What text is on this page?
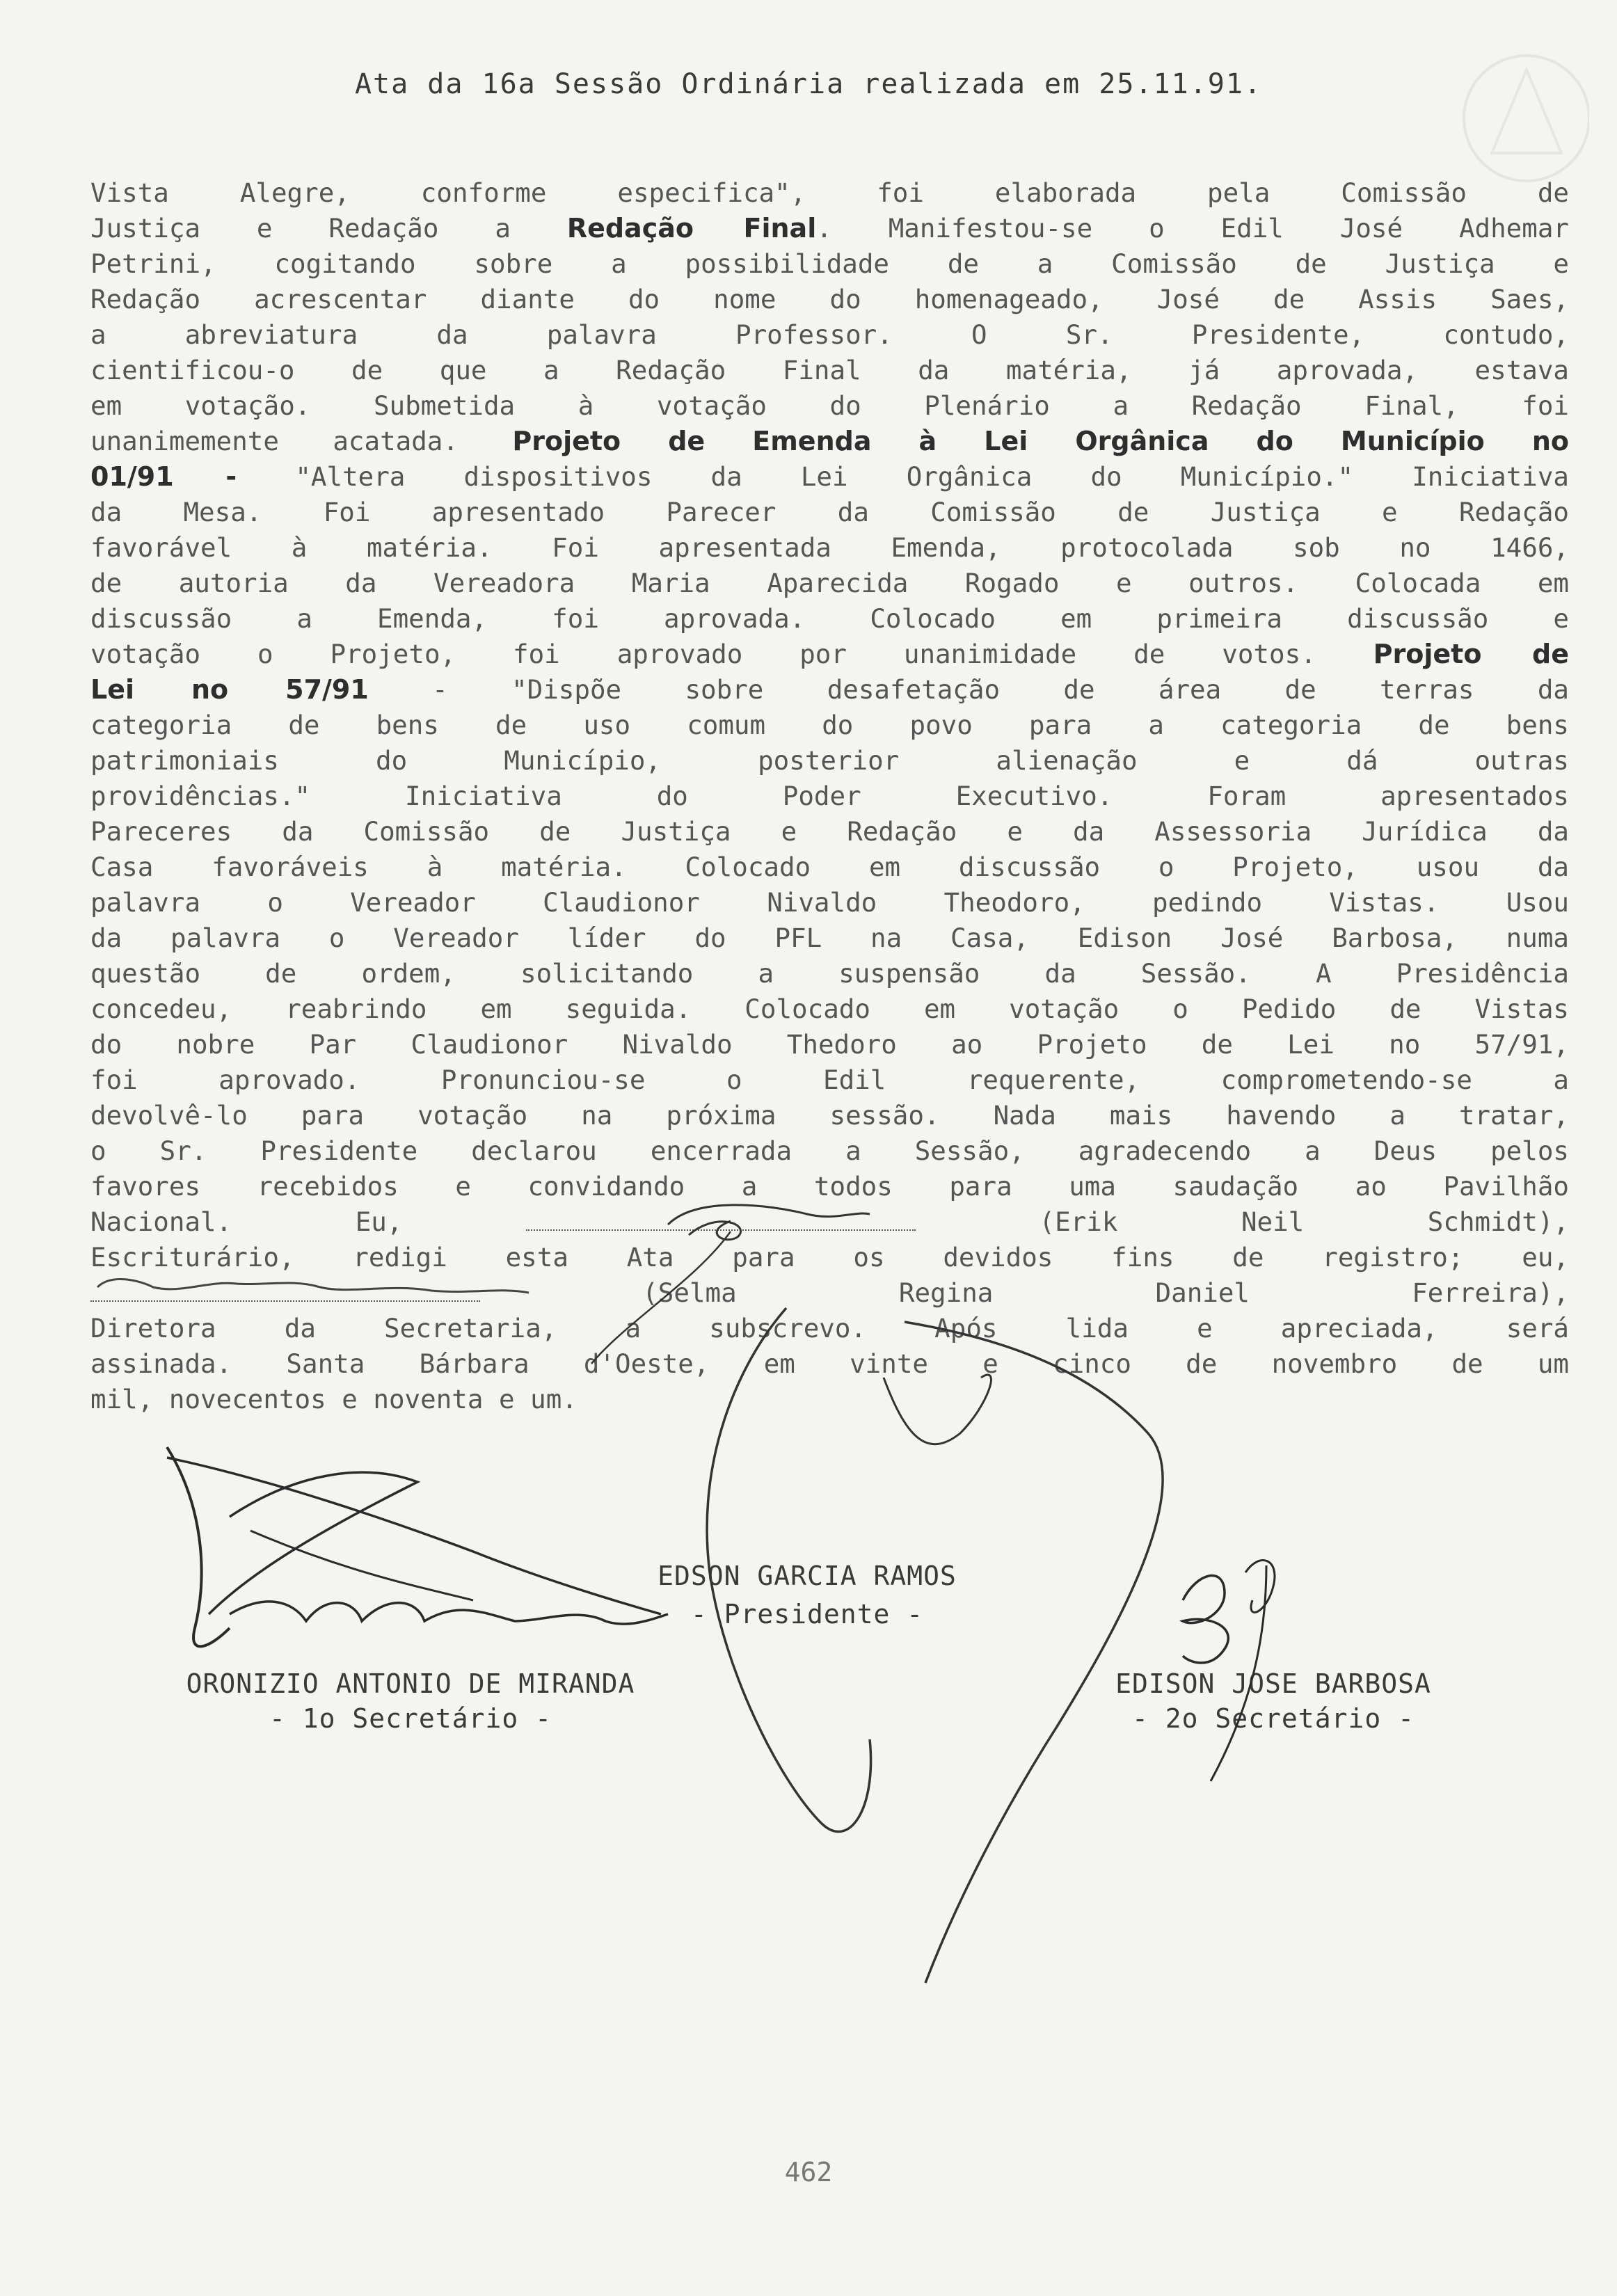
Ata da 16a Sessão Ordinária realizada em 25.11.91.
Vista Alegre, conforme especifica", foi elaborada pela Comissão de
Justiça e Redação a Redação Final. Manifestou-se o Edil José Adhemar
Petrini, cogitando sobre a possibilidade de a Comissão de Justiça e
Redação acrescentar diante do nome do homenageado, José de Assis Saes,
a abreviatura da palavra Professor. O Sr. Presidente, contudo,
cientificou-o de que a Redação Final da matéria, já aprovada, estava
em votação. Submetida à votação do Plenário a Redação Final, foi
unanimemente acatada. Projeto de Emenda à Lei Orgânica do Município no
01/91 - "Altera dispositivos da Lei Orgânica do Município." Iniciativa
da Mesa. Foi apresentado Parecer da Comissão de Justiça e Redação
favorável à matéria. Foi apresentada Emenda, protocolada sob no 1466,
de autoria da Vereadora Maria Aparecida Rogado e outros. Colocada em
discussão a Emenda, foi aprovada. Colocado em primeira discussão e
votação o Projeto, foi aprovado por unanimidade de votos. Projeto de
Lei no 57/91 - "Dispõe sobre desafetação de área de terras da
categoria de bens de uso comum do povo para a categoria de bens
patrimoniais do Município, posterior alienação e dá outras
providências." Iniciativa do Poder Executivo. Foram apresentados
Pareceres da Comissão de Justiça e Redação e da Assessoria Jurídica da
Casa favoráveis à matéria. Colocado em discussão o Projeto, usou da
palavra o Vereador Claudionor Nivaldo Theodoro, pedindo Vistas. Usou
da palavra o Vereador líder do PFL na Casa, Edison José Barbosa, numa
questão de ordem, solicitando a suspensão da Sessão. A Presidência
concedeu, reabrindo em seguida. Colocado em votação o Pedido de Vistas
do nobre Par Claudionor Nivaldo Thedoro ao Projeto de Lei no 57/91,
foi aprovado. Pronunciou-se o Edil requerente, comprometendo-se a
devolvê-lo para votação na próxima sessão. Nada mais havendo a tratar,
o Sr. Presidente declarou encerrada a Sessão, agradecendo a Deus pelos
favores recebidos e convidando a todos para uma saudação ao Pavilhão
Nacional. Eu,	(Erik Neil Schmidt),
Escriturário, redigi esta Ata para os devidos fins de registro; eu,
(Selma Regina Daniel Ferreira),
Diretora da Secretaria, a subscrevo. Após lida e apreciada, será
assinada. Santa Bárbara d'Oeste, em vinte e cinco de novembro de um
mil, novecentos e noventa e um.
EDSON GARCIA RAMOS
- Presidente -
ORONIZIO ANTONIO DE MIRANDA
- 1o Secretário -
EDISON JOSE BARBOSA
- 2o Secretário -
462
